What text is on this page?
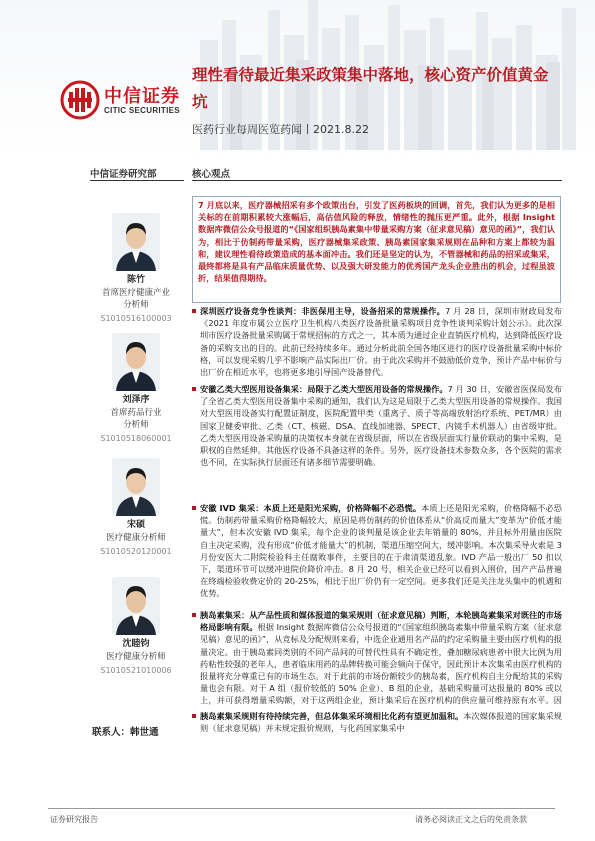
中信证券
CITIC SECURITIES
理性看待最近集采政策集中落地，核心资产价值黄金坑
医药行业每周医览药闻 2021.8.22
中信证券研究部	核心观点
陈竹
首席医疗健康产业
分析师
S1010516100003
刘泽序
首席药品行业
分析师
S1010518060001
宋硕
医疗健康分析师
S1010520120001
沈睦钧
医疗健康分析师
S1010521010006
联系人：韩世通
7 月底以来，医疗器械招采有多个政策出台，引发了医药板块的回调，首先，我们认为更多的是相关标的在前期积累较大涨幅后，高估值风险的释放，情绪性的抛压更严重。此外，根据 Insight 数据库微信公众号报道的“《国家组织胰岛素集中带量采购方案（征求意见稿）意见的函》”，我们认为，相比于仿制药带量采购，医疗器械集采政策、胰岛素国家集采规则在品种和方案上都较为温和，建议理性看待政策造成的基本面冲击。我们还是坚定的认为，不管器械和药品的招采或集采，最终都将是具有产品临床质量优势、以及强大研发能力的优秀国产龙头企业胜出的机会，过程虽波折，结果值得期待。
深圳医疗设备竞争性谈判：非医保用主导，设备招采的常规操作。7 月 28 日，深圳市财政局发布《2021 年度市属公立医疗卫生机构八类医疗设备批量采购项目竞争性谈判采购计划公示》。此次深圳市医疗设备批量采购属于常规招标的方式之一，其本质为通过企业直销医疗机构，达到降低医疗设备的采购支出的目的。此前已经持续多年。通过分析此前全国各地区进行的医疗设备批量采购中标价格，可以发现采购几乎不影响产品实际出厂价。由于此次采购并不鼓励低价竞争，预计产品中标价与出厂价在相近水平，也将更多地引导国产设备替代。
安徽乙类大型医用设备集采：局限于乙类大型医用设备的常规操作。7 月 30 日，安徽省医保局发布了全省乙类大型医用设备集中采购的通知，我们认为这是局限于乙类大型医用设备的常规操作。我国对大型医用设备实行配置证制度，医院配置甲类（重离子、质子等高端放射治疗系统、PET/MR）由国家卫健委审批、乙类（CT、核磁、DSA、直线加速器、SPECT、内镜手术机器人）由省级审批。乙类大型医用设备采购量的决策权本身就在省级层面，所以在省级层面实行量价联动的集中采购，是职权的自然延伸。其他医疗设备不具备这样的条件。另外，医疗设备技术参数众多，各个医院的需求也不同，在实际执行层面还有诸多细节需要明确。
安徽 IVD 集采：本质上还是阳光采购，价格降幅不必恐慌。本质上还是阳光采购，价格降幅不必恐慌。仿制药带量采购价格降幅较大，原因是将仿制药的价值体系从“价高反而量大”变革为“价低才能量大”，但本次安徽 IVD 集采，每个企业的谈判量是该企业去年销量的 80%，并且标外用量由医院自主决定采购，没有形成“价低才能量大”的机制，渠道压缩空间大，缓冲影响。本次集采导火索是 3 月份安医大二附院检验科主任腐败事件，主要目的在于肃清渠道乱象。IVD 产品一般出厂 50 扣以下，渠道环节可以缓冲进院价降价冲击。8 月 20 号，相关企业已经可以看到入围价，国产产品普遍在终端检验收费定价的 20-25%，相比于出厂价仍有一定空间。更多我们还是关注龙头集中的机遇和优势。
胰岛素集采：从产品性质和媒体报道的集采规则（征求意见稿）判断，本轮胰岛素集采对既往的市场格局影响有限。根据 Insight 数据库微信公众号报道的“《国家组织胰岛素集中带量采购方案（征求意见稿）意见的函》”，从竞标及分配规则来看，中选企业通用名产品的约定采购量主要由医疗机构的报量决定。由于胰岛素同类别的不同产品间的可替代性具有不确定性，叠加糖尿病患者中很大比例为用药粘性较强的老年人，患者临床用药的品牌转换可能会频向于保守，因此预计本次集采由医疗机构的报量将充分尊重已有的市场生态。对于此前的市场份额较少的胰岛素，医疗机构自主分配给其的采购量也会有限。对于 A 组（报价较低的 50% 企业）、B 组的企业，基础采购量可达报量的 80% 或以上，并可获得增量采购额，对于这两组企业，预计集采后在医疗机构的供应量可维持原有水平。因
胰岛素集采规则有待持续完善，但总体集采环境相比化药有望更加温和。本次媒体报道的国家集采规则（征求意见稿）并未规定报价规则，与化药国家集采中
证券研究报告	请务必阅读正文之后的免责条款
